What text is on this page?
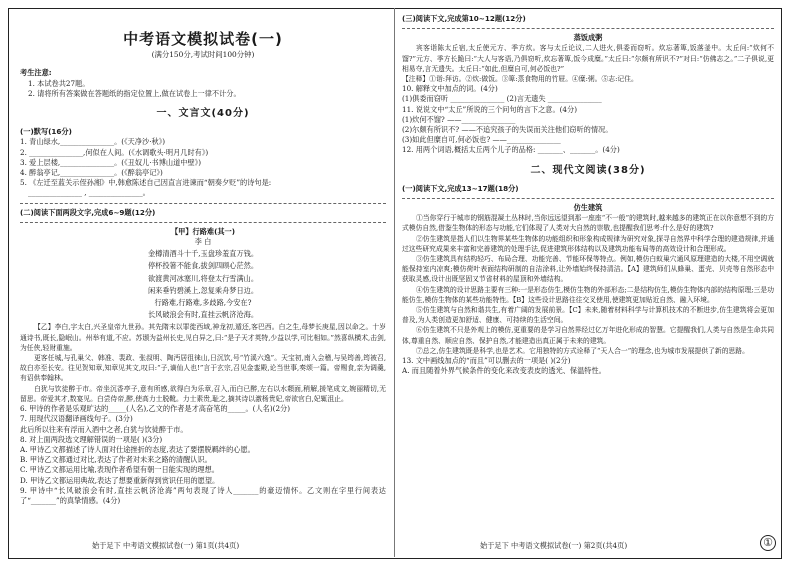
中考语文模拟试卷(一)
(满分150分,考试时间100分钟)
考生注意:
1. 本试卷共27题。
2. 请将所有答案做在答题纸的指定位置上,做在试卷上一律不计分。
一、文言文(40分)
(一)默写(16分)
1. 青山绿水,_______________。(《天净沙·秋》)
2. _______________,何似在人间。(《水调歌头·明月几时有》)
3. 爱上层楼,_______________。(《丑奴儿·书博山道中壁》)
4. 醉翁亭记,_______________。(《醉翁亭记》)
5. 《左迁至蓝关示侄孙湘》中,韩愈陈述自己因直言进谏而“朝奏夕贬”的诗句是:
_______________ , _______________。
(二)阅读下面两段文字,完成6~9题(12分)
【甲】行路难(其一)
李 白
金樽清酒斗十千,玉盘珍羞直万钱。
停杯投箸不能食,拔剑四顾心茫然。
欲渡黄河冰塞川,将登太行雪满山。
闲来垂钓碧溪上,忽复乘舟梦日边。
行路难,行路难,多歧路,今安在?
长风破浪会有时,直挂云帆济沧海。
【乙】李白,字太白,兴圣皇帝九世孙。其先隋末以罪徙西域,神龙初,遁还,客巴西。白之生,母梦长庚星,因以命之。十岁通诗书,既长,隐岷山。州举有道,不应。苏颋为益州长史,见白异之,曰:“是子天才英特,少益以学,可比相如。”然喜纵横术,击剑,为任侠,轻财重施。
更客任城,与孔巢父、韩准、裴政、张叔明、陶沔居徂徕山,日沉饮,号“竹溪六逸”。天宝初,南入会稽,与吴筠善,筠被召,故白亦至长安。往见贺知章,知章见其文,叹曰:“子,谪仙人也!”言于玄宗,召见金銮殿,论当世事,奏颂一篇。帝赐食,亲为调羹,有诏供奉翰林。
白犹与饮徒醉于市。帝坐沉香亭子,意有所感,欲得白为乐章,召入,而白已醉,左右以水頮面,稍解,援笔成文,婉丽精切,无留思。帝爱其才,数宴见。白尝侍帝,醉,使高力士脱靴。力士素贵,耻之,摘其诗以激杨贵妃,帝欲官白,妃辄沮止。
6. 甲诗的作者是乐观旷达的_____(人名),乙文的作者是才高奋笔的_____。(人名)(2分)
7. 用现代汉语翻译画线句子。(3分)
此后所以往来有浮而入酒中之者,白犹与饮徒醉于市。
8. 对上面两段选文理解错误的一项是( )(3分)
A. 甲诗乙文都描述了诗人面对仕途挫折的态度,表达了要摆脱羁绊的心愿。
B. 甲诗乙文都通过对比,表达了作者对未来之路的清醒认识。
C. 甲诗乙文都运用比喻,表现作者希望有朝一日能实现的理想。
D. 甲诗乙文都运用典故,表达了想要重新得到赏识任用的愿望。
9. 甲诗中“长风破浪会有时,直挂云帆济沧海”两句表现了诗人_______的豪迈情怀。乙文则在字里行间表达了“_______”的真挚情感。(4分)
(三)阅读下文,完成第10~12题(12分)
蒸饭成粥
宾客诣陈太丘宿,太丘使元方、季方炊。客与太丘论议,二人进火,俱委而窃听。炊忘著箄,饭落釜中。太丘问:“炊何不馏?”元方、季方长跪曰:“大人与客语,乃俱窃听,炊忘著箄,饭今成糜。”太丘曰:“尔颇有所识不?”对曰:“仿佛志之。”二子俱说,更相易夺,言无遗失。太丘曰:“如此,但糜自可,何必饭也?”
【注释】①诣:拜访。②炊:做饭。③箄:蒸食物用的竹屉。④糜:粥。⑤志:记住。
10. 解释文中加点的词。(4分)
(1)俱委而窃听 _______________ (2)言无遗失 _______________
11. 说说文中“太丘”所说的三个问句的言下之意。(4分)
(1)炊何不馏? ——_______________
(2)尔颇有所识不? ——不追究孩子的失误而关注他们窃听的情况。
(3)如此但糜自可,何必饭也? ——_______________
12. 用两个词语,概括太丘两个儿子的品格: _______、_______。(4分)
二、现代文阅读(38分)
(一)阅读下文,完成13~17题(18分)
仿生建筑
①当你穿行于城市的钢筋混凝土丛林时,当你远远望到那一座座“不一般”的建筑时,越来越多的建筑正在以你意想不到的方式模仿自然,借鉴生物体的形态与功能,它们体现了人类对大自然的崇敬,也提醒我们思考:什么是好的建筑?
②仿生建筑是指人们以生物界某些生物体的功能组织和形象构成规律为研究对象,探寻自然界中科学合理的建造规律,并通过这些研究成果来丰富和完善建筑的处理手法,促进建筑形体结构以及建筑功能布局等的高效设计和合理形成。
③仿生建筑具有结构轻巧、布局合理、功能完善、节能环保等特点。例如,模仿白蚁巢穴通风原理建造的大楼,不用空调就能保持室内凉爽;模仿荷叶表面结构研制的自洁涂料,让外墙始终保持清洁。【A】建筑师们从蜂巢、蛋壳、贝壳等自然形态中获取灵感,设计出既坚固又节省材料的屋顶和外墙结构。
④仿生建筑的设计思路主要有三种:一是形态仿生,模仿生物的外部形态;二是结构仿生,模仿生物体内部的结构原理;三是功能仿生,模仿生物体的某些功能特性。【B】这些设计思路往往交叉使用,使建筑更加贴近自然、融入环境。
⑤仿生建筑与自然和谐共生,有着广阔的发展前景。【C】未来,随着材料科学与计算机技术的不断进步,仿生建筑将会更加普及,为人类创造更加舒适、健康、可持续的生活空间。
⑥仿生建筑不只是外观上的模仿,更重要的是学习自然界经过亿万年进化形成的智慧。它提醒我们,人类与自然是生命共同体,尊重自然、顺应自然、保护自然,才能建造出真正属于未来的建筑。
⑦总之,仿生建筑既是科学,也是艺术。它用独特的方式诠释了“天人合一”的理念,也为城市发展提供了新的思路。
13. 文中画线加点的“而且”可以删去的一项是( )(2分)
A. 而且随着外界气候条件的变化来改变表皮的透光、保温特性。
始于足下 中考语文模拟试卷(一) 第1页(共4页)	始于足下 中考语文模拟试卷(一) 第2页(共4页)	①
